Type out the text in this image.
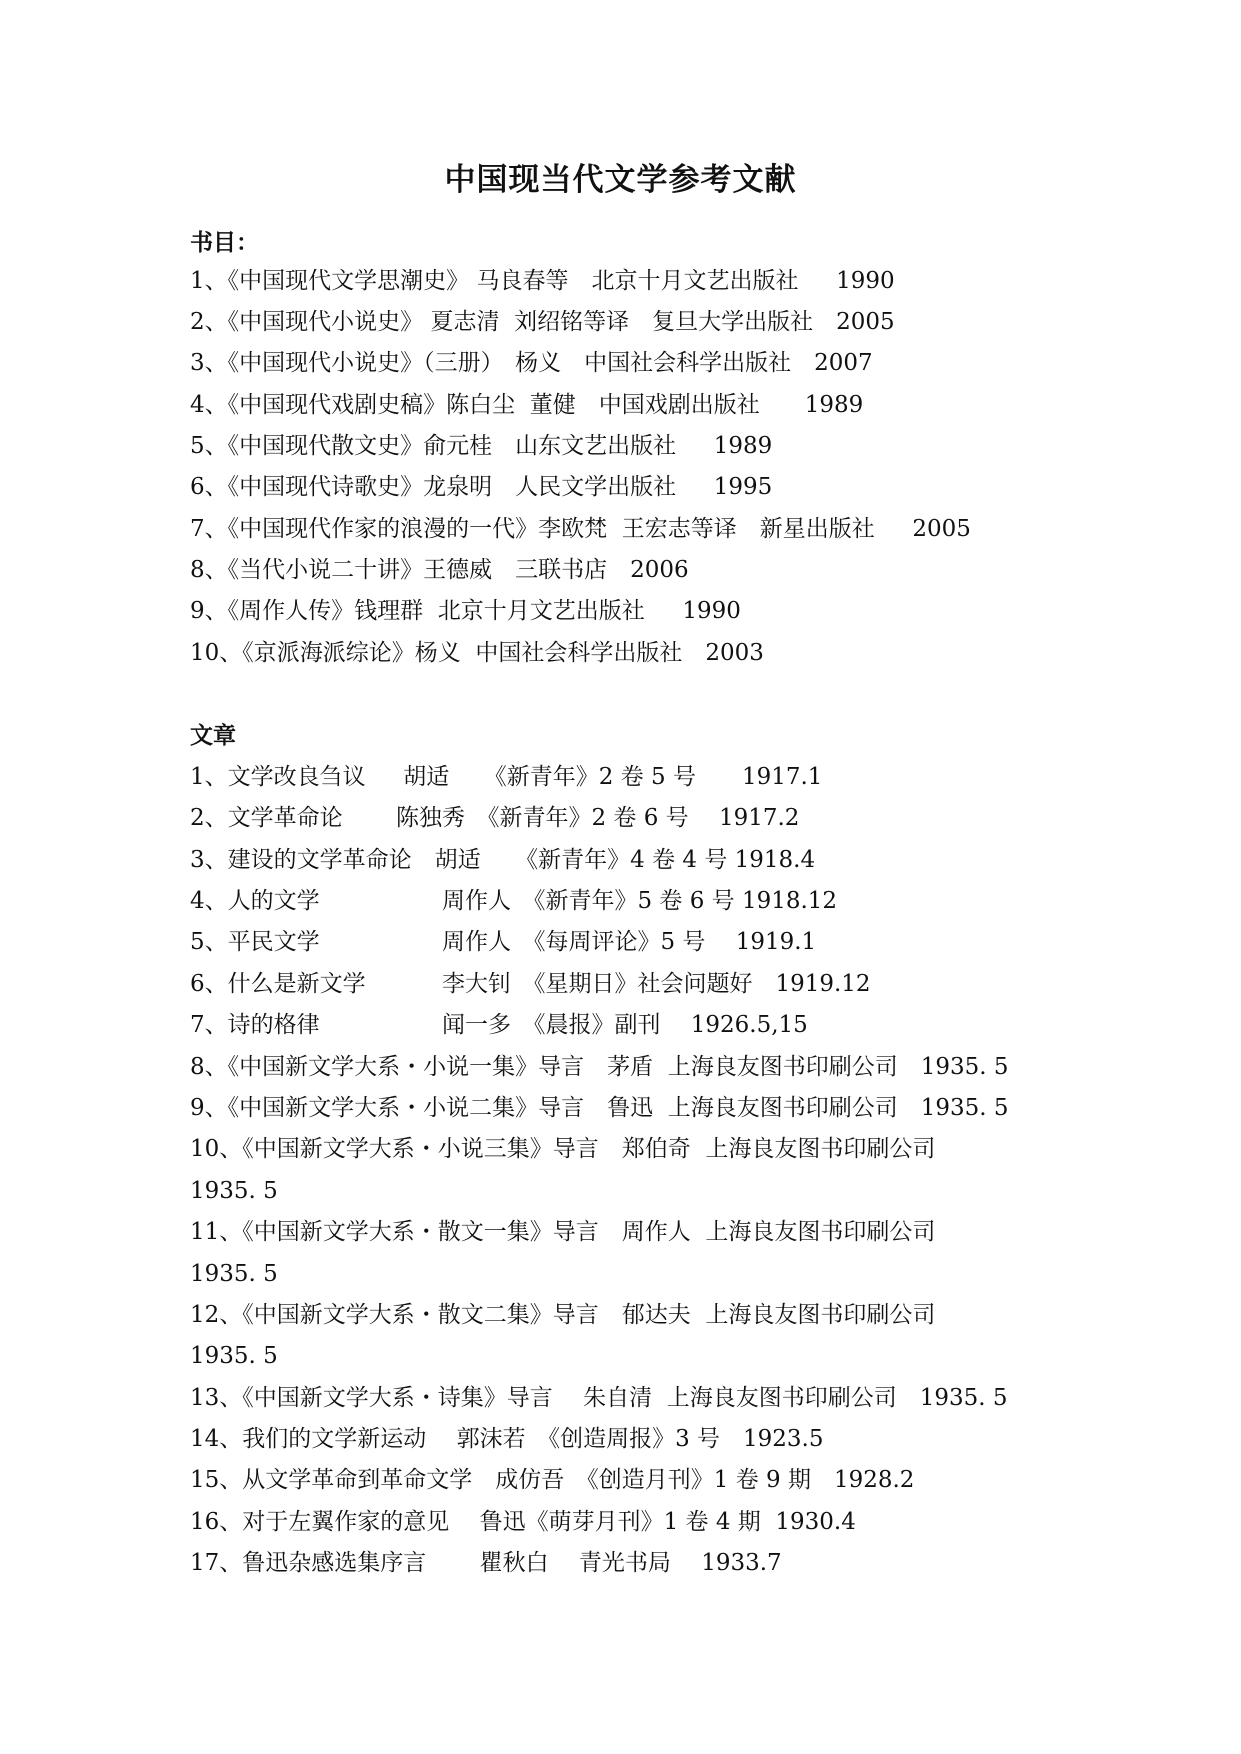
中国现当代文学参考文献
书目：
1、《中国现代文学思潮史》 马良春等　北京十月文艺出版社　  1990
2、《中国现代小说史》 夏志清  刘绍铭等译　复旦大学出版社　2005
3、《中国现代小说史》（三册）　杨义　中国社会科学出版社　2007
4、《中国现代戏剧史稿》陈白尘  董健　中国戏剧出版社　   1989
5、《中国现代散文史》俞元桂　山东文艺出版社　  1989
6、《中国现代诗歌史》龙泉明　人民文学出版社　  1995
7、《中国现代作家的浪漫的一代》李欧梵  王宏志等译　新星出版社　  2005
8、《当代小说二十讲》王德威　三联书店　2006
9、《周作人传》钱理群  北京十月文艺出版社　  1990
10、《京派海派综论》杨义  中国社会科学出版社　2003
文章
1、文学改良刍议　  胡适　　《新青年》2 卷 5 号　　1917.1
2、文学革命论　　 陈独秀　《新青年》2 卷 6 号　 1917.2
3、建设的文学革命论　胡适　　《新青年》4 卷 4 号 1918.4
4、人的文学　　　　　 周作人　《新青年》5 卷 6 号 1918.12
5、平民文学　　　　　 周作人　《每周评论》5 号　 1919.1
6、什么是新文学　　　 李大钊　《星期日》社会问题好　1919.12
7、诗的格律　　　　　 闻一多　《晨报》副刊　 1926.5,15
8、《中国新文学大系・小说一集》导言　茅盾  上海良友图书印刷公司　1935. 5
9、《中国新文学大系・小说二集》导言　鲁迅  上海良友图书印刷公司　1935. 5
10、《中国新文学大系・小说三集》导言　郑伯奇  上海良友图书印刷公司
1935. 5
11、《中国新文学大系・散文一集》导言　周作人  上海良友图书印刷公司
1935. 5
12、《中国新文学大系・散文二集》导言　郁达夫  上海良友图书印刷公司
1935. 5
13、《中国新文学大系・诗集》导言　 朱自清  上海良友图书印刷公司　1935. 5
14、我们的文学新运动　 郭沫若　《创造周报》3 号　1923.5
15、从文学革命到革命文学　成仿吾　《创造月刊》1 卷 9 期　1928.2
16、对于左翼作家的意见　 鲁迅《萌芽月刊》1 卷 4 期  1930.4
17、鲁迅杂感选集序言　　 瞿秋白　 青光书局　 1933.7
